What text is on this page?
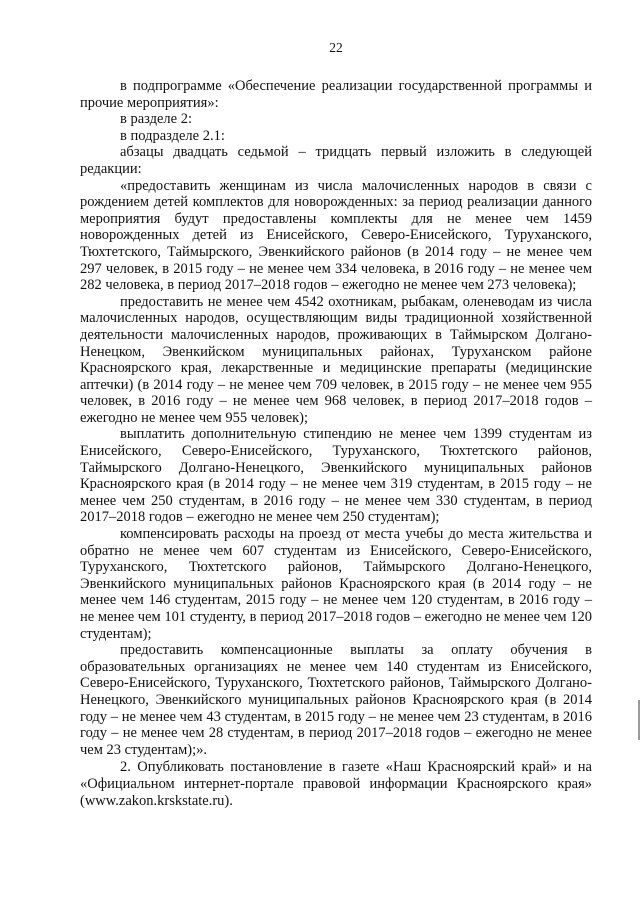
22

в подпрограмме «Обеспечение реализации государственной программы и прочие мероприятия»:

в разделе 2:

в подразделе 2.1:

абзацы двадцать седьмой – тридцать первый изложить в следующей редакции:

«предоставить женщинам из числа малочисленных народов в связи с рождением детей комплектов для новорожденных: за период реализации данного мероприятия будут предоставлены комплекты для не менее чем 1459 новорожденных детей из Енисейского, Северо-Енисейского, Туруханского, Тюхтетского, Таймырского, Эвенкийского районов (в 2014 году – не менее чем 297 человек, в 2015 году – не менее чем 334 человека, в 2016 году – не менее чем 282 человека, в период 2017–2018 годов – ежегодно не менее чем 273 человека);

предоставить не менее чем 4542 охотникам, рыбакам, оленеводам из числа малочисленных народов, осуществляющим виды традиционной хозяйственной деятельности малочисленных народов, проживающих в Таймырском Долгано-Ненецком, Эвенкийском муниципальных районах, Туруханском районе Красноярского края, лекарственные и медицинские препараты (медицинские аптечки) (в 2014 году – не менее чем 709 человек, в 2015 году – не менее чем 955 человек, в 2016 году – не менее чем 968 человек, в период 2017–2018 годов – ежегодно не менее чем 955 человек);

выплатить дополнительную стипендию не менее чем 1399 студентам из Енисейского, Северо-Енисейского, Туруханского, Тюхтетского районов, Таймырского Долгано-Ненецкого, Эвенкийского муниципальных районов Красноярского края (в 2014 году – не менее чем 319 студентам, в 2015 году – не менее чем 250 студентам, в 2016 году – не менее чем 330 студентам, в период 2017–2018 годов – ежегодно не менее чем 250 студентам);

компенсировать расходы на проезд от места учебы до места жительства и обратно не менее чем 607 студентам из Енисейского, Северо-Енисейского, Туруханского, Тюхтетского районов, Таймырского Долгано-Ненецкого, Эвенкийского муниципальных районов Красноярского края (в 2014 году – не менее чем 146 студентам, 2015 году – не менее чем 120 студентам, в 2016 году – не менее чем 101 студенту, в период 2017–2018 годов – ежегодно не менее чем 120 студентам);

предоставить компенсационные выплаты за оплату обучения в образовательных организациях не менее чем 140 студентам из Енисейского, Северо-Енисейского, Туруханского, Тюхтетского районов, Таймырского Долгано-Ненецкого, Эвенкийского муниципальных районов Красноярского края (в 2014 году – не менее чем 43 студентам, в 2015 году – не менее чем 23 студентам, в 2016 году – не менее чем 28 студентам, в период 2017–2018 годов – ежегодно не менее чем 23 студентам);».

2. Опубликовать постановление в газете «Наш Красноярский край» и на «Официальном интернет-портале правовой информации Красноярского края» (www.zakon.krskstate.ru).
